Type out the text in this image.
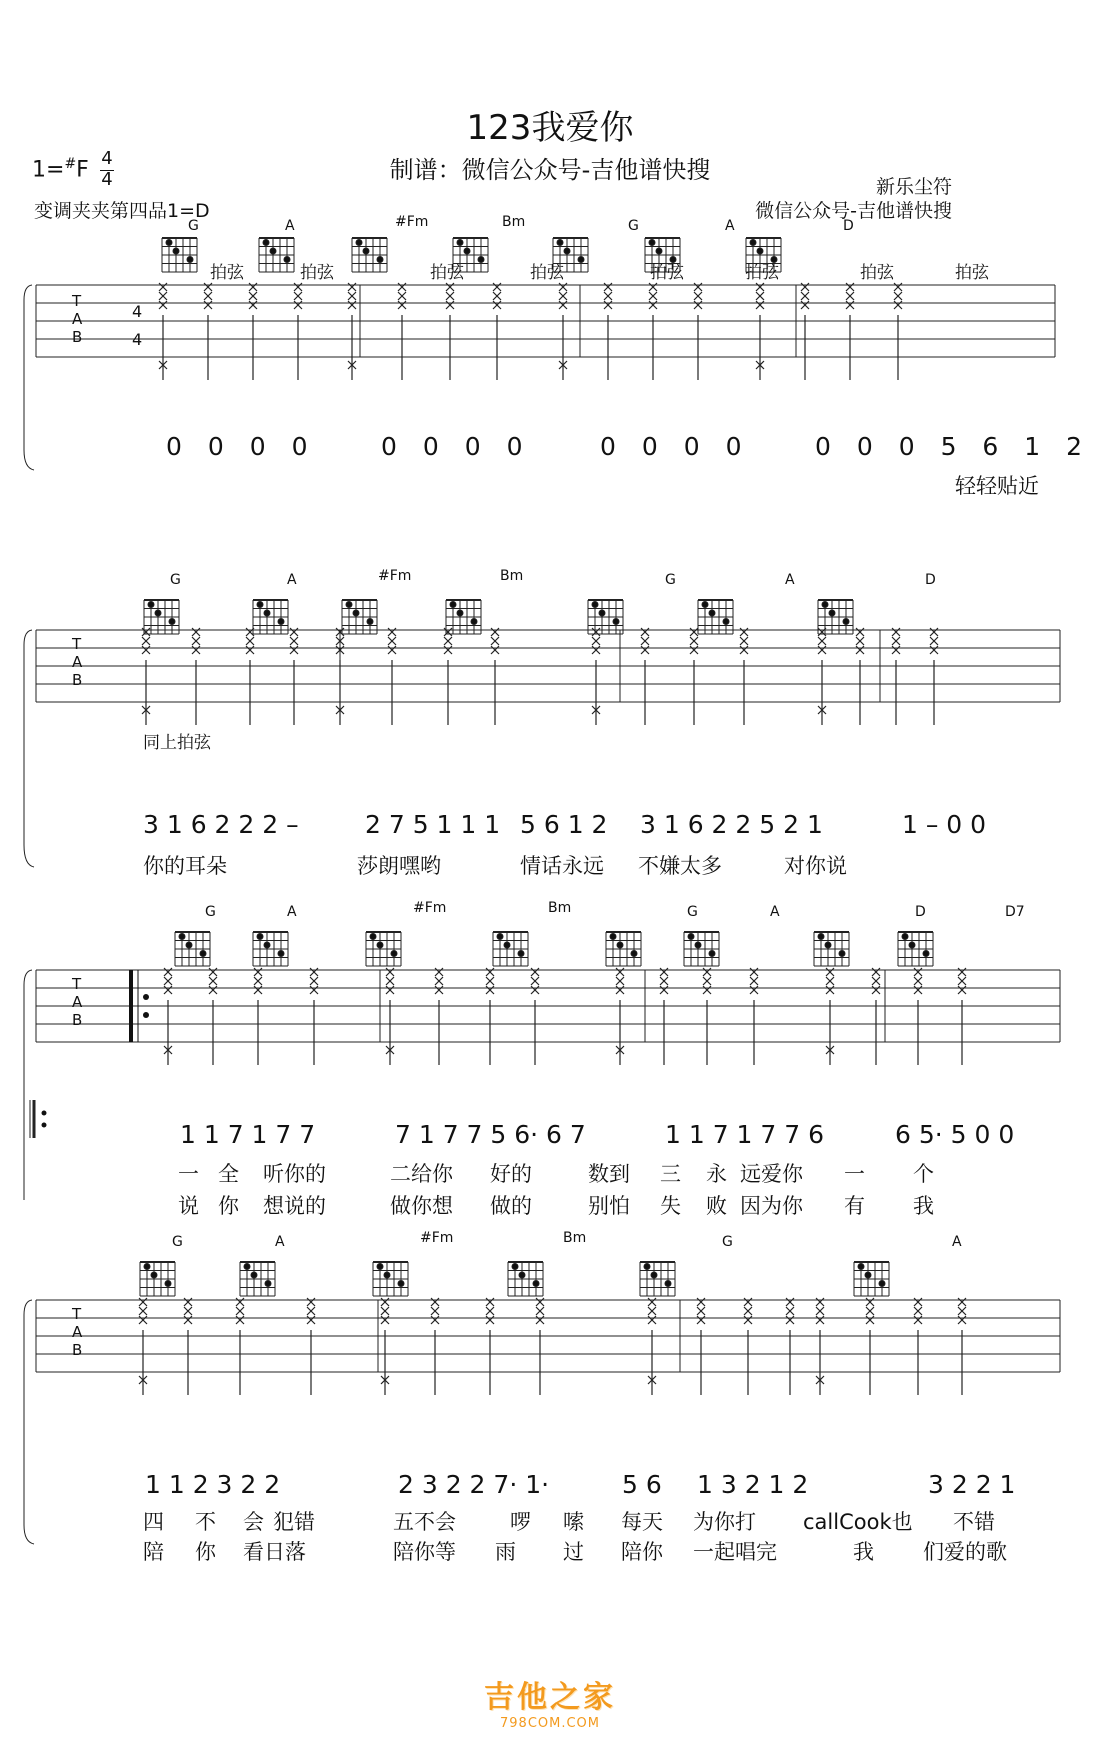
123我爱你
制谱：微信公众号-吉他谱快搜
1=#F 4
4
变调夹夹第四品1=D
新乐尘符
微信公众号-吉他谱快搜
T
A
B
4
4
拍弦	拍弦	拍弦	拍弦	拍弦	拍弦	拍弦	拍弦
G	A	#Fm	Bm	G	A	D
0 0 0 0	0 0 0 0	0 0 0 0	0 0 0 5 6 1 2
轻轻贴近
T
A
B
G	A	#Fm	Bm	G	A	D
同上拍弦
3 1 6 2 2 2 –	2 7 5 1 1 1 5 6 1 2 3 1 6 2 2 5 2 1	1 – 0 0
你的耳朵	莎朗嘿哟	情话永远 不嫌太多	对你说
T
A
B
G	A	#Fm	Bm	G	A	D	D7
1 1 7 1 7 7	7 1 7 7 5 6· 6 7	1 1 7 1 7 7 6	6 5· 5 0 0
一 全 听你的	二给你 好的	数到 三 永 远爱你 一 个
说 你 想说的	做你想 做的	别怕 失 败 因为你 有 我
T
A
B
G	A	#Fm	Bm	G	A
1 1 2 3 2 2	2 3 2 2 7· 1·	5 6 1 3 2 1 2	3 2 2 1
四 不 会 犯错	五不会	啰 嗦 每天 为你打 callCook也 不错
陪 你 看日落	陪你等 雨 过 陪你 一起唱完	我 们爱的歌
吉他之家
798COM.COM
